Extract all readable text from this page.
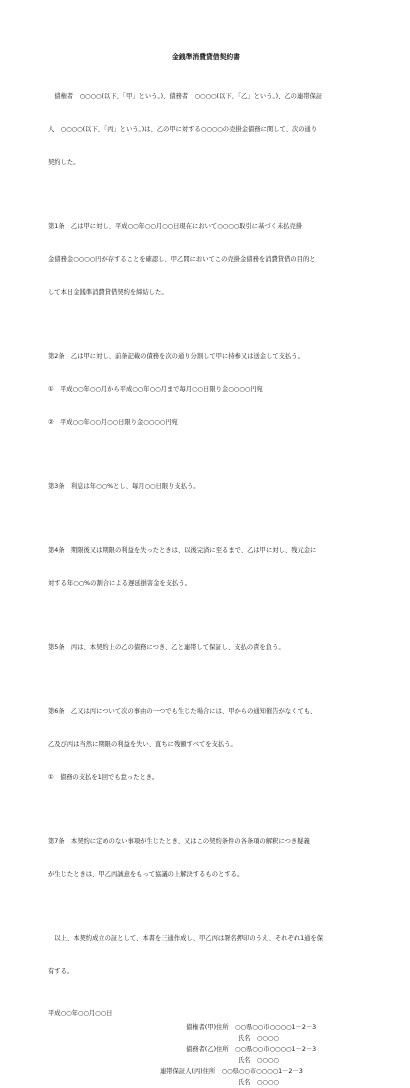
金銭準消費貸借契約書

　債権者　○○○○(以下、「甲」という。)、債務者　○○○○(以下、「乙」という。)、乙の連帯保証

人　○○○○(以下、「丙」という。)は、乙の甲に対する○○○○の売掛金債務に関して、次の通り

契約した。

第1条　乙は甲に対し、平成○○年○○月○○日現在において○○○○取引に基づく未払売掛

金債務金○○○○円が存することを確認し、甲乙間においてこの売掛金債務を消費貸借の目的と

して本日金銭準消費貸借契約を締結した。

第2条　乙は甲に対し、前条記載の債務を次の通り分割して甲に持参又は送金して支払う。

①　平成○○年○○月から平成○○年○○月まで毎月○○日限り金○○○○円宛

②　平成○○年○○月○○日限り金○○○○円宛

第3条　利息は年○○%とし、毎月○○日限り支払う。

第4条　期限後又は期限の利益を失ったときは、以後完済に至るまで、乙は甲に対し、残元金に

対する年○○%の割合による遅延損害金を支払う。

第5条　丙は、本契約上の乙の債務につき、乙と連帯して保証し、支払の責を負う。

第6条　乙又は丙について次の事由の一つでも生じた場合には、甲からの通知催告がなくても、

乙及び丙は当然に期限の利益を失い、直ちに残額すべてを支払う。

①　債務の支払を1回でも怠ったとき。

第7条　本契約に定めのない事項が生じたとき、又はこの契約条件の各条項の解釈につき疑義

が生じたときは、甲乙丙誠意をもって協議の上解決するものとする。

　以上、本契約成立の証として、本書を三通作成し、甲乙丙は署名押印のうえ、それぞれ1通を保

有する。

平成○○年○○月○○日
債権者(甲)住所　○○県○○市○○○○1－2－3
氏名　○○○○
債務者(乙)住所　○○県○○市○○○○1－2－3
氏名　○○○○
連帯保証人(丙)住所　○○県○○市○○○○1－2－3
氏名　○○○○
